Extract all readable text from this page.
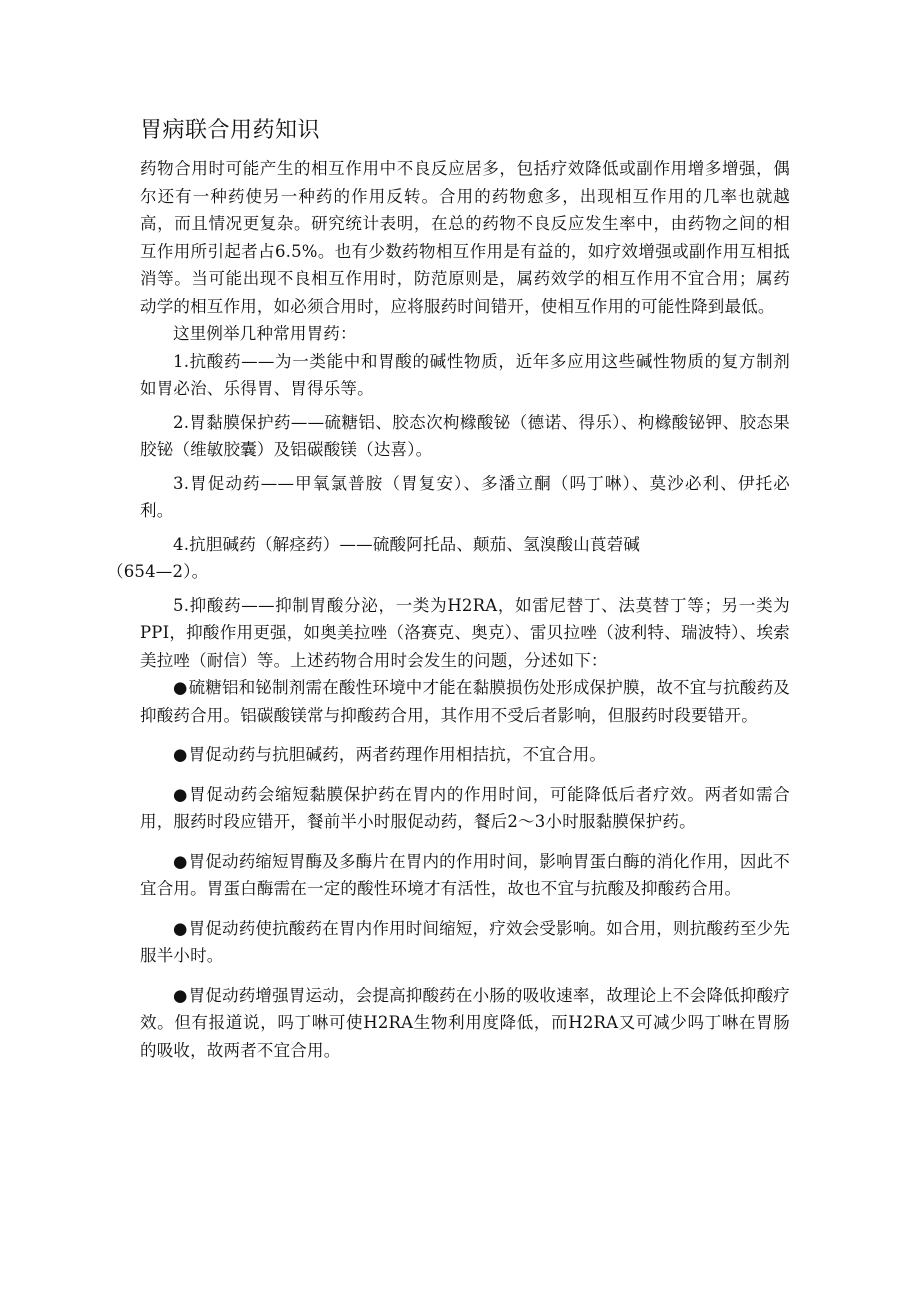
胃病联合用药知识

药物合用时可能产生的相互作用中不良反应居多，包括疗效降低或副作用增多增强，偶尔还有一种药使另一种药的作用反转。合用的药物愈多，出现相互作用的几率也就越高，而且情况更复杂。研究统计表明，在总的药物不良反应发生率中，由药物之间的相互作用所引起者占6.5%。也有少数药物相互作用是有益的，如疗效增强或副作用互相抵消等。当可能出现不良相互作用时，防范原则是，属药效学的相互作用不宜合用；属药动学的相互作用，如必须合用时，应将服药时间错开，使相互作用的可能性降到最低。

这里例举几种常用胃药：

1.抗酸药——为一类能中和胃酸的碱性物质，近年多应用这些碱性物质的复方制剂如胃必治、乐得胃、胃得乐等。

2.胃黏膜保护药——硫糖铝、胶态次枸橼酸铋（德诺、得乐）、枸橼酸铋钾、胶态果胶铋（维敏胶囊）及铝碳酸镁（达喜）。

3.胃促动药——甲氧氯普胺（胃复安）、多潘立酮（吗丁啉）、莫沙必利、伊托必利。

4.抗胆碱药（解痉药）——硫酸阿托品、颠茄、氢溴酸山莨菪碱
（654—2）。

5.抑酸药——抑制胃酸分泌，一类为H2RA，如雷尼替丁、法莫替丁等；另一类为PPI，抑酸作用更强，如奥美拉唑（洛赛克、奥克）、雷贝拉唑（波利特、瑞波特）、埃索美拉唑（耐信）等。上述药物合用时会发生的问题，分述如下：

●硫糖铝和铋制剂需在酸性环境中才能在黏膜损伤处形成保护膜，故不宜与抗酸药及抑酸药合用。铝碳酸镁常与抑酸药合用，其作用不受后者影响，但服药时段要错开。

●胃促动药与抗胆碱药，两者药理作用相拮抗，不宜合用。

●胃促动药会缩短黏膜保护药在胃内的作用时间，可能降低后者疗效。两者如需合用，服药时段应错开，餐前半小时服促动药，餐后2～3小时服黏膜保护药。

●胃促动药缩短胃酶及多酶片在胃内的作用时间，影响胃蛋白酶的消化作用，因此不宜合用。胃蛋白酶需在一定的酸性环境才有活性，故也不宜与抗酸及抑酸药合用。

●胃促动药使抗酸药在胃内作用时间缩短，疗效会受影响。如合用，则抗酸药至少先服半小时。

●胃促动药增强胃运动，会提高抑酸药在小肠的吸收速率，故理论上不会降低抑酸疗效。但有报道说，吗丁啉可使H2RA生物利用度降低，而H2RA又可减少吗丁啉在胃肠的吸收，故两者不宜合用。
